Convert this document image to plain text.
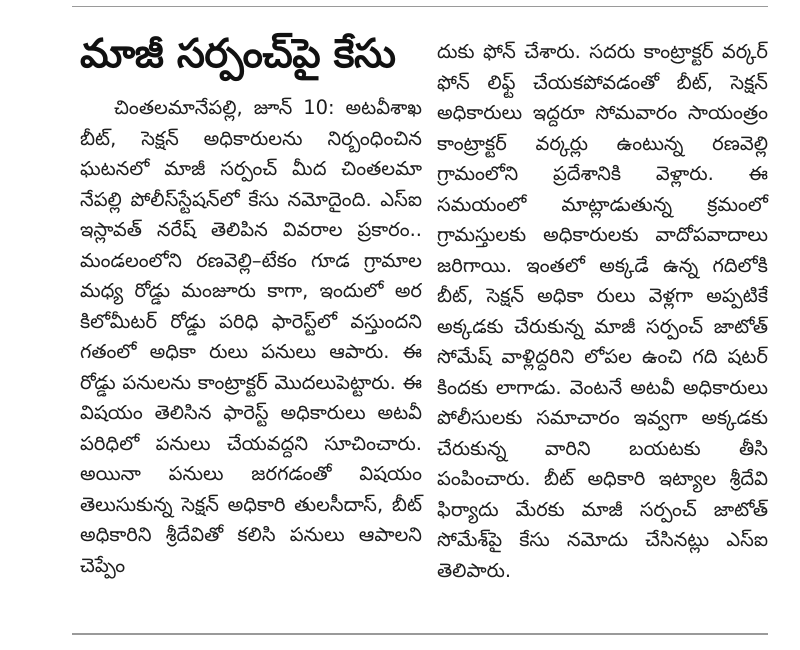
మాజీ సర్పంచ్‌పై కేసు

చింతలమానేపల్లి, జూన్‌ 10: అటవీశాఖ బీట్‌, సెక్షన్‌ అధికారులను నిర్బంధించిన ఘటనలో మాజీ సర్పంచ్‌ మీద చింతలమా నేపల్లి పోలీస్‌స్టేషన్‌లో కేసు నమోదైంది. ఎస్‌ఐ ఇస్లావత్‌ నరేష్‌ తెలిపిన వివరాల ప్రకారం.. మండలంలోని రణవెల్లి–టేకం గూడ గ్రామాల మధ్య రోడ్డు మంజూరు కాగా, ఇందులో అర కిలోమీటర్‌ రోడ్డు పరిధి ఫారెస్ట్‌లో వస్తుందని గతంలో అధికా రులు పనులు ఆపారు. ఈ రోడ్డు పనులను కాంట్రాక్టర్‌ మొదలుపెట్టారు. ఈ విషయం తెలిసిన ఫారెస్ట్‌ అధికారులు అటవీ పరిధిలో పనులు చేయవద్దని సూచించారు. అయినా పనులు జరగడంతో విషయం తెలుసుకున్న సెక్షన్‌ అధికారి తులసీదాస్‌, బీట్‌ అధికారిని శ్రీదేవితో కలిసి పనులు ఆపాలని చెప్పేం

దుకు ఫోన్‌ చేశారు. సదరు కాంట్రాక్టర్‌ వర్కర్‌ ఫోన్‌ లిఫ్ట్‌ చేయకపోవడంతో బీట్‌, సెక్షన్‌ అధికారులు ఇద్దరూ సోమవారం సాయంత్రం కాంట్రాక్టర్‌ వర్కర్లు ఉంటున్న రణవెల్లి గ్రామంలోని ప్రదేశానికి వెళ్లారు. ఈ సమయంలో మాట్లాడుతున్న క్రమంలో గ్రామస్తులకు అధికారులకు వాదోపవాదాలు జరిగాయి. ఇంతలో అక్కడే ఉన్న గదిలోకి బీట్‌, సెక్షన్‌ అధికా రులు వెళ్లగా అప్పటికే అక్కడకు చేరుకున్న మాజీ సర్పంచ్‌ జాటోత్‌ సోమేష్‌ వాళ్లిద్దరిని లోపల ఉంచి గది షటర్‌ కిందకు లాగాడు. వెంటనే అటవీ అధికారులు పోలీసులకు సమాచారం ఇవ్వగా అక్కడకు చేరుకున్న వారిని బయటకు తీసి పంపించారు. బీట్‌ అధికారి ఇట్యాల శ్రీదేవి ఫిర్యాదు మేరకు మాజీ సర్పంచ్‌ జాటోత్‌ సోమేశ్‌పై కేసు నమోదు చేసినట్లు ఎస్‌ఐ తెలిపారు.
